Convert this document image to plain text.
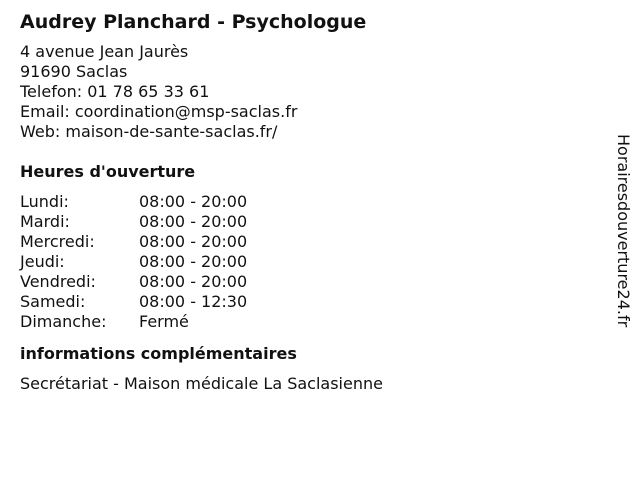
Audrey Planchard - Psychologue

4 avenue Jean Jaurès

91690 Saclas

Telefon: 01 78 65 33 61

Email: coordination@msp-saclas.fr

Web: maison-de-sante-saclas.fr/

Heures d'ouverture
Lundi:	08:00 - 20:00
Mardi:	08:00 - 20:00
Mercredi:	08:00 - 20:00
Jeudi:	08:00 - 20:00
Vendredi:	08:00 - 20:00
Samedi:	08:00 - 12:30
Dimanche: Fermé
informations complémentaires

Secrétariat - Maison médicale La Saclasienne

Horairesdouverture24.fr
